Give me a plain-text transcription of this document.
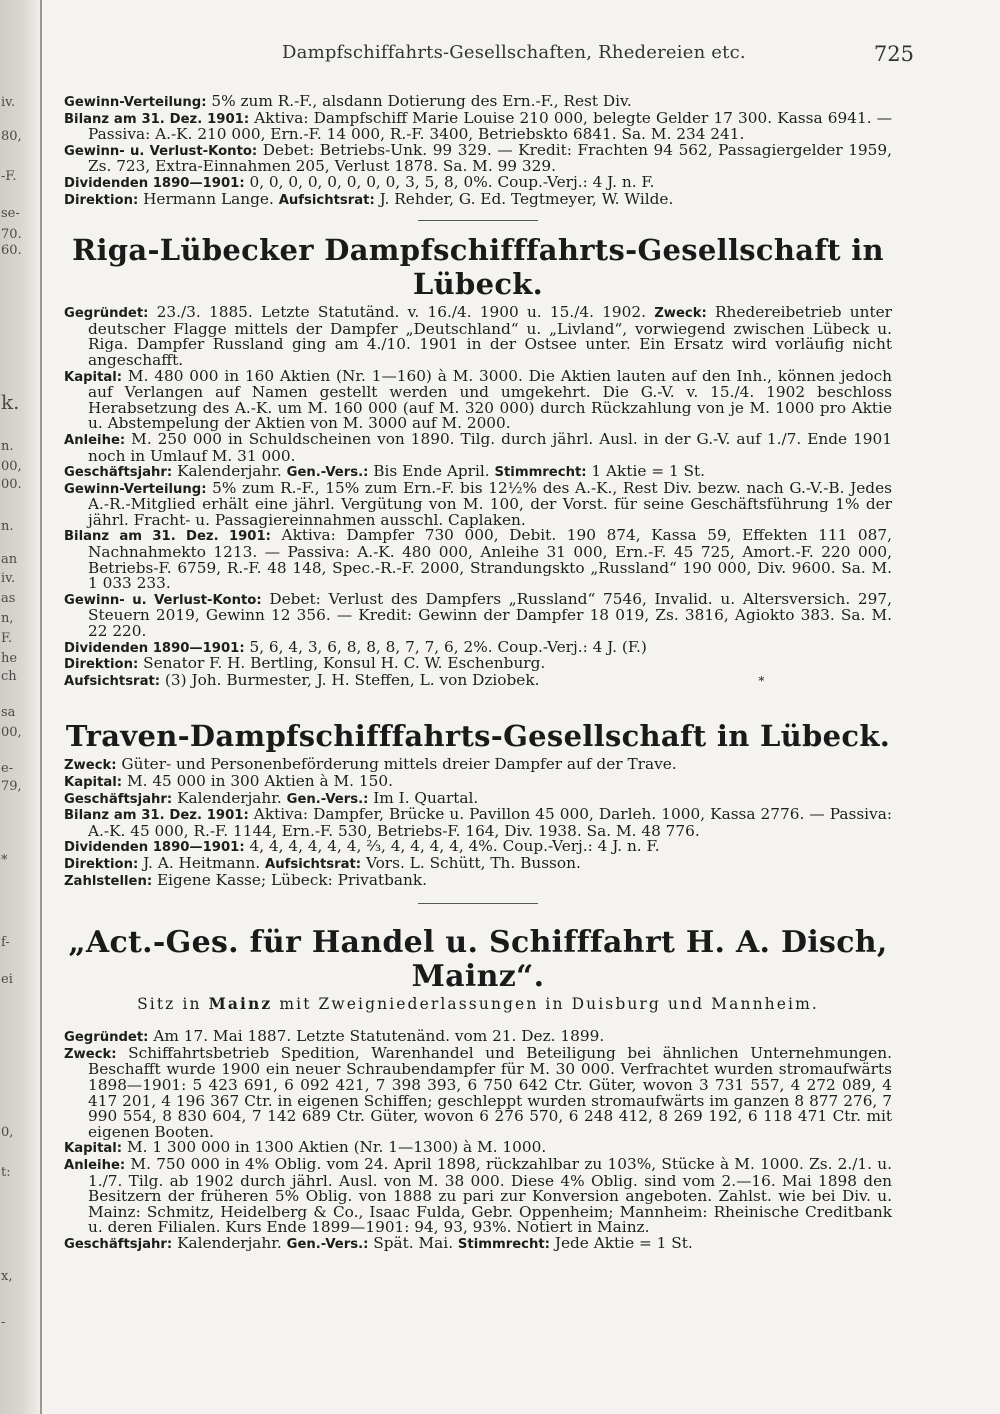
iv.
80,
-F.
se-
70.
60.
k.
n.
00,
00.
n.
an
iv.
as
n,
F.
he
ch
sa
00,
e-
79,
*
f-
ei
0,
t:
x,
-
Dampfschiffahrts-Gesellschaften, Rhedereien etc.	725

Gewinn-Verteilung: 5% zum R.-F., alsdann Dotierung des Ern.-F., Rest Div.

Bilanz am 31. Dez. 1901: Aktiva: Dampfschiff Marie Louise 210 000, belegte Gelder 17 300. Kassa 6941. — Passiva: A.-K. 210 000, Ern.-F. 14 000, R.-F. 3400, Betriebskto 6841. Sa. M. 234 241.

Gewinn- u. Verlust-Konto: Debet: Betriebs-Unk. 99 329. — Kredit: Frachten 94 562, Passagiergelder 1959, Zs. 723, Extra-Einnahmen 205, Verlust 1878. Sa. M. 99 329.

Dividenden 1890—1901: 0, 0, 0, 0, 0, 0, 0, 0, 3, 5, 8, 0%. Coup.-Verj.: 4 J. n. F.

Direktion: Hermann Lange. Aufsichtsrat: J. Rehder, G. Ed. Tegtmeyer, W. Wilde.

Riga-Lübecker Dampfschifffahrts-Gesellschaft in Lübeck.

Gegründet: 23./3. 1885. Letzte Statutänd. v. 16./4. 1900 u. 15./4. 1902. Zweck: Rhedereibetrieb unter deutscher Flagge mittels der Dampfer „Deutschland“ u. „Livland“, vorwiegend zwischen Lübeck u. Riga. Dampfer Russland ging am 4./10. 1901 in der Ostsee unter. Ein Ersatz wird vorläufig nicht angeschafft.

Kapital: M. 480 000 in 160 Aktien (Nr. 1—160) à M. 3000. Die Aktien lauten auf den Inh., können jedoch auf Verlangen auf Namen gestellt werden und umgekehrt. Die G.-V. v. 15./4. 1902 beschloss Herabsetzung des A.-K. um M. 160 000 (auf M. 320 000) durch Rückzahlung von je M. 1000 pro Aktie u. Abstempelung der Aktien von M. 3000 auf M. 2000.

Anleihe: M. 250 000 in Schuldscheinen von 1890. Tilg. durch jährl. Ausl. in der G.-V. auf 1./7. Ende 1901 noch in Umlauf M. 31 000.

Geschäftsjahr: Kalenderjahr. Gen.-Vers.: Bis Ende April. Stimmrecht: 1 Aktie = 1 St.

Gewinn-Verteilung: 5% zum R.-F., 15% zum Ern.-F. bis 12½% des A.-K., Rest Div. bezw. nach G.-V.-B. Jedes A.-R.-Mitglied erhält eine jährl. Vergütung von M. 100, der Vorst. für seine Geschäftsführung 1% der jährl. Fracht- u. Passagiereinnahmen ausschl. Caplaken.

Bilanz am 31. Dez. 1901: Aktiva: Dampfer 730 000, Debit. 190 874, Kassa 59, Effekten 111 087, Nachnahmekto 1213. — Passiva: A.-K. 480 000, Anleihe 31 000, Ern.-F. 45 725, Amort.-F. 220 000, Betriebs-F. 6759, R.-F. 48 148, Spec.-R.-F. 2000, Strandungskto „Russland“ 190 000, Div. 9600. Sa. M. 1 033 233.

Gewinn- u. Verlust-Konto: Debet: Verlust des Dampfers „Russland“ 7546, Invalid. u. Altersversich. 297, Steuern 2019, Gewinn 12 356. — Kredit: Gewinn der Dampfer 18 019, Zs. 3816, Agiokto 383. Sa. M. 22 220.

Dividenden 1890—1901: 5, 6, 4, 3, 6, 8, 8, 8, 7, 7, 6, 2%. Coup.-Verj.: 4 J. (F.)

Direktion: Senator F. H. Bertling, Konsul H. C. W. Eschenburg.

Aufsichtsrat: (3) Joh. Burmester, J. H. Steffen, L. von Dziobek.	*

Traven-Dampfschifffahrts-Gesellschaft in Lübeck.

Zweck: Güter- und Personenbeförderung mittels dreier Dampfer auf der Trave.

Kapital: M. 45 000 in 300 Aktien à M. 150.

Geschäftsjahr: Kalenderjahr. Gen.-Vers.: Im I. Quartal.

Bilanz am 31. Dez. 1901: Aktiva: Dampfer, Brücke u. Pavillon 45 000, Darleh. 1000, Kassa 2776. — Passiva: A.-K. 45 000, R.-F. 1144, Ern.-F. 530, Betriebs-F. 164, Div. 1938. Sa. M. 48 776.

Dividenden 1890—1901: 4, 4, 4, 4, 4, 4, ⅔, 4, 4, 4, 4, 4%. Coup.-Verj.: 4 J. n. F.

Direktion: J. A. Heitmann. Aufsichtsrat: Vors. L. Schütt, Th. Busson.

Zahlstellen: Eigene Kasse; Lübeck: Privatbank.

„Act.-Ges. für Handel u. Schifffahrt H. A. Disch, Mainz“.

Sitz in Mainz mit Zweigniederlassungen in Duisburg und Mannheim.

Gegründet: Am 17. Mai 1887. Letzte Statutenänd. vom 21. Dez. 1899.

Zweck: Schiffahrtsbetrieb Spedition, Warenhandel und Beteiligung bei ähnlichen Unternehmungen. Beschafft wurde 1900 ein neuer Schraubendampfer für M. 30 000. Verfrachtet wurden stromaufwärts 1898—1901: 5 423 691, 6 092 421, 7 398 393, 6 750 642 Ctr. Güter, wovon 3 731 557, 4 272 089, 4 417 201, 4 196 367 Ctr. in eigenen Schiffen; geschleppt wurden stromaufwärts im ganzen 8 877 276, 7 990 554, 8 830 604, 7 142 689 Ctr. Güter, wovon 6 276 570, 6 248 412, 8 269 192, 6 118 471 Ctr. mit eigenen Booten.

Kapital: M. 1 300 000 in 1300 Aktien (Nr. 1—1300) à M. 1000.

Anleihe: M. 750 000 in 4% Oblig. vom 24. April 1898, rückzahlbar zu 103%, Stücke à M. 1000. Zs. 2./1. u. 1./7. Tilg. ab 1902 durch jährl. Ausl. von M. 38 000. Diese 4% Oblig. sind vom 2.—16. Mai 1898 den Besitzern der früheren 5% Oblig. von 1888 zu pari zur Konversion angeboten. Zahlst. wie bei Div. u. Mainz: Schmitz, Heidelberg & Co., Isaac Fulda, Gebr. Oppenheim; Mannheim: Rheinische Creditbank u. deren Filialen. Kurs Ende 1899—1901: 94, 93, 93%. Notiert in Mainz.

Geschäftsjahr: Kalenderjahr. Gen.-Vers.: Spät. Mai. Stimmrecht: Jede Aktie = 1 St.
